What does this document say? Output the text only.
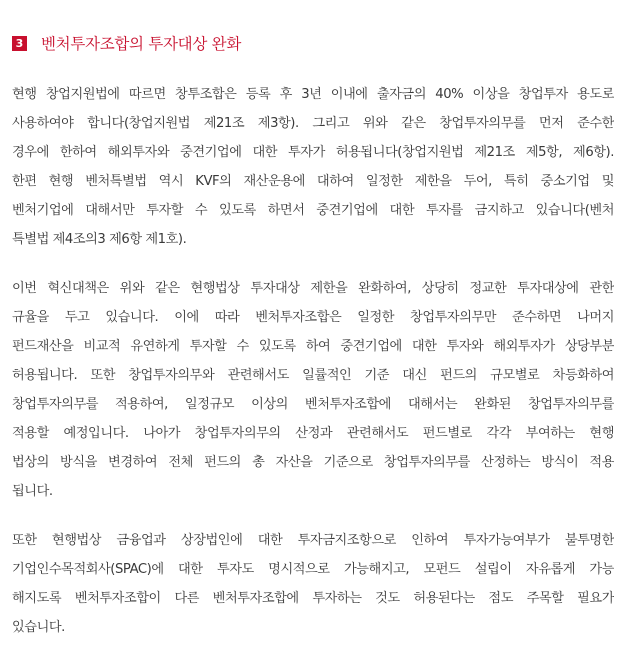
3 벤처투자조합의 투자대상 완화
현행 창업지원법에 따르면 창투조합은 등록 후 3년 이내에 출자금의 40% 이상을 창업투자 용도로
사용하여야 합니다(창업지원법 제21조 제3항). 그리고 위와 같은 창업투자의무를 먼저 준수한
경우에 한하여 해외투자와 중견기업에 대한 투자가 허용됩니다(창업지원법 제21조 제5항, 제6항).
한편 현행 벤처특별법 역시 KVF의 재산운용에 대하여 일정한 제한을 두어, 특히 중소기업 및
벤처기업에 대해서만 투자할 수 있도록 하면서 중견기업에 대한 투자를 금지하고 있습니다(벤처
특별법 제4조의3 제6항 제1호).
이번 혁신대책은 위와 같은 현행법상 투자대상 제한을 완화하여, 상당히 정교한 투자대상에 관한
규율을 두고 있습니다. 이에 따라 벤처투자조합은 일정한 창업투자의무만 준수하면 나머지
펀드재산을 비교적 유연하게 투자할 수 있도록 하여 중견기업에 대한 투자와 해외투자가 상당부분
허용됩니다. 또한 창업투자의무와 관련해서도 일률적인 기준 대신 펀드의 규모별로 차등화하여
창업투자의무를 적용하여, 일정규모 이상의 벤처투자조합에 대해서는 완화된 창업투자의무를
적용할 예정입니다. 나아가 창업투자의무의 산정과 관련해서도 펀드별로 각각 부여하는 현행
법상의 방식을 변경하여 전체 펀드의 총 자산을 기준으로 창업투자의무를 산정하는 방식이 적용
됩니다.
또한 현행법상 금융업과 상장법인에 대한 투자금지조항으로 인하여 투자가능여부가 불투명한
기업인수목적회사(SPAC)에 대한 투자도 명시적으로 가능해지고, 모펀드 설립이 자유롭게 가능
해지도록 벤처투자조합이 다른 벤처투자조합에 투자하는 것도 허용된다는 점도 주목할 필요가
있습니다.
